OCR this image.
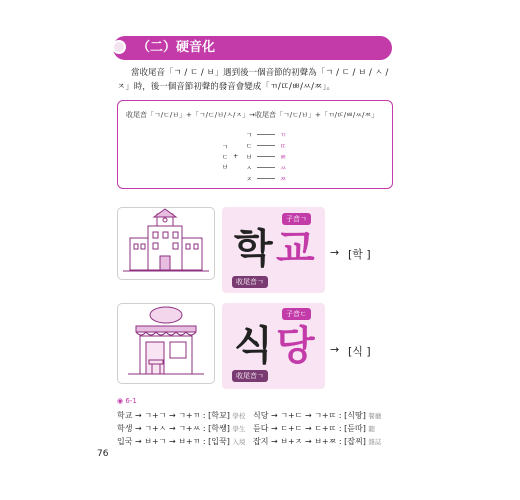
（二）硬音化
當收尾音「ㄱ / ㄷ / ㅂ」遇到後一個音節的初聲為「ㄱ / ㄷ / ㅂ / ㅅ /
ㅈ」時，後一個音節初聲的發音會變成「ㄲ/ㄸ/ㅃ/ㅆ/ㅉ」。
收尾音「ㄱ/ㄷ/ㅂ」+「ㄱ/ㄷ/ㅂ/ㅅ/ㅈ」→收尾音「ㄱ/ㄷ/ㅂ」+「ㄲ/ㄸ/ㅃ/ㅆ/ㅉ」
ㄱ
ㄷ
ㅂ
+
ㄱ
ㄷ
ㅂ
ㅅ
ㅈ
ㄲ
ㄸ
ㅃ
ㅆ
ㅉ
학 교
子音ㄱ
收尾音ㄱ
→ [학 ]
식 당
子音ㄷ
收尾音ㄱ
→ [식 ]
◉ 6-1
학교 → ㄱ+ㄱ → ㄱ+ㄲ : [학꾜] 學校 식당 → ㄱ+ㄷ → ㄱ+ㄸ : [식땅] 餐廳
학생 → ㄱ+ㅅ → ㄱ+ㅆ : [학쌩] 學生 듣다 → ㄷ+ㄷ → ㄷ+ㄸ : [듣따] 聽
입국 → ㅂ+ㄱ → ㅂ+ㄲ : [입꾹] 入境 잡지 → ㅂ+ㅈ → ㅂ+ㅉ : [잡찌] 雜誌
76
